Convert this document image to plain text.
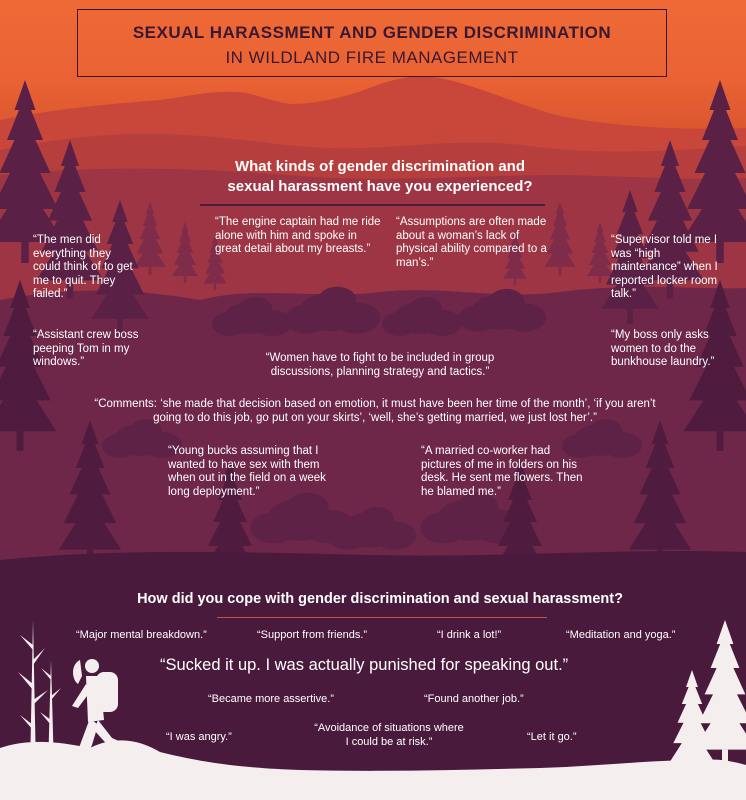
SEXUAL HARASSMENT AND GENDER DISCRIMINATION
IN WILDLAND FIRE MANAGEMENT
What kinds of gender discrimination and
sexual harassment have you experienced?
“The engine captain had me ride alone with him and spoke in great detail about my breasts.”
“Assumptions are often made about a woman’s lack of physical ability compared to a man’s.”
“The men did everything they could think of to get me to quit. They failed.”
“Supervisor told me I was “high maintenance” when I reported locker room talk.”
“Assistant crew boss peeping Tom in my windows.”
“My boss only asks women to do the bunkhouse laundry.”
“Women have to fight to be included in group discussions, planning strategy and tactics.”
“Comments: ‘she made that decision based on emotion, it must have been her time of the month’, ‘if you aren’t going to do this job, go put on your skirts’, ‘well, she’s getting married, we just lost her’.”
“Young bucks assuming that I wanted to have sex with them when out in the field on a week long deployment.”
“A married co-worker had pictures of me in folders on his desk. He sent me flowers. Then he blamed me.”
How did you cope with gender discrimination and sexual harassment?
“Major mental breakdown.”	“Support from friends.”	“I drink a lot!”	“Meditation and yoga.”
“Sucked it up. I was actually punished for speaking out.”
“Became more assertive.”	“Found another job.”
“I was angry.”
“Avoidance of situations where I could be at risk.”	“Let it go.”
